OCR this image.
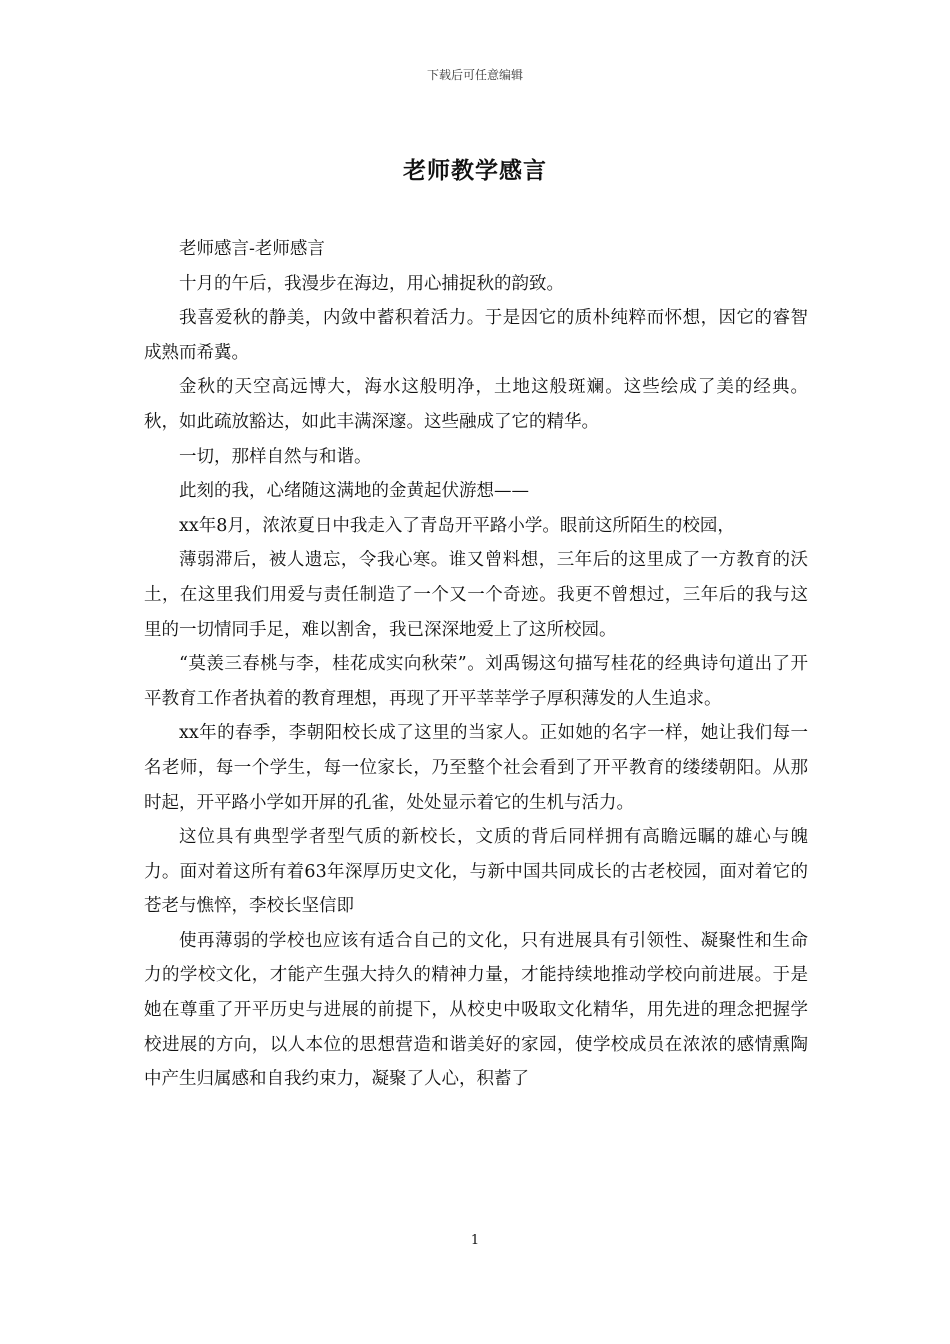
下载后可任意编辑
老师教学感言

老师感言-老师感言

十月的午后，我漫步在海边，用心捕捉秋的韵致。

我喜爱秋的静美，内敛中蓄积着活力。于是因它的质朴纯粹而怀想，因它的睿智成熟而希冀。

金秋的天空高远博大，海水这般明净，土地这般斑斓。这些绘成了美的经典。秋，如此疏放豁达，如此丰满深邃。这些融成了它的精华。

一切，那样自然与和谐。

此刻的我，心绪随这满地的金黄起伏游想——

xx年8月，浓浓夏日中我走入了青岛开平路小学。眼前这所陌生的校园，

薄弱滞后，被人遗忘，令我心寒。谁又曾料想，三年后的这里成了一方教育的沃土，在这里我们用爱与责任制造了一个又一个奇迹。我更不曾想过，三年后的我与这里的一切情同手足，难以割舍，我已深深地爱上了这所校园。

“莫羡三春桃与李，桂花成实向秋荣”。刘禹锡这句描写桂花的经典诗句道出了开平教育工作者执着的教育理想，再现了开平莘莘学子厚积薄发的人生追求。

xx年的春季，李朝阳校长成了这里的当家人。正如她的名字一样，她让我们每一名老师，每一个学生，每一位家长，乃至整个社会看到了开平教育的缕缕朝阳。从那时起，开平路小学如开屏的孔雀，处处显示着它的生机与活力。

这位具有典型学者型气质的新校长，文质的背后同样拥有高瞻远瞩的雄心与魄力。面对着这所有着63年深厚历史文化，与新中国共同成长的古老校园，面对着它的苍老与憔悴，李校长坚信即

使再薄弱的学校也应该有适合自己的文化，只有进展具有引领性、凝聚性和生命力的学校文化，才能产生强大持久的精神力量，才能持续地推动学校向前进展。于是她在尊重了开平历史与进展的前提下，从校史中吸取文化精华，用先进的理念把握学校进展的方向，以人本位的思想营造和谐美好的家园，使学校成员在浓浓的感情熏陶中产生归属感和自我约束力，凝聚了人心，积蓄了

1
